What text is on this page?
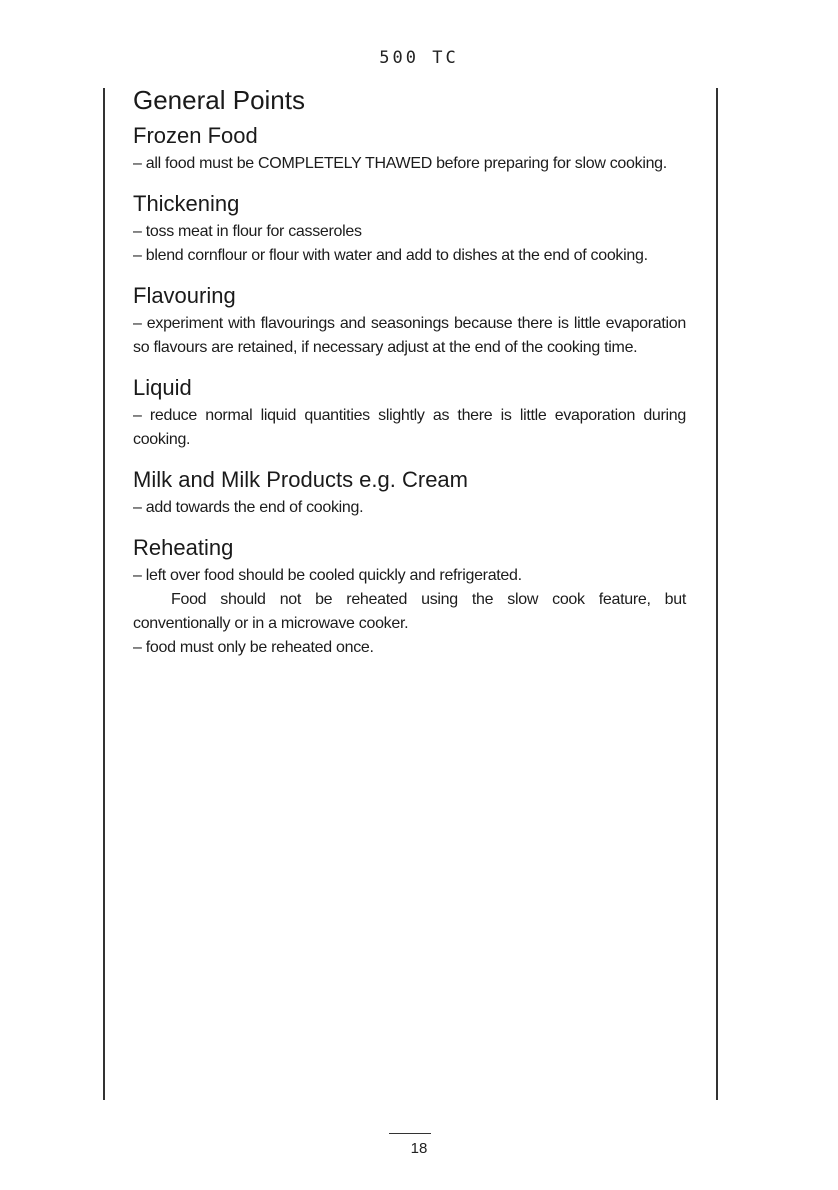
500 TC
General Points
Frozen Food

– all food must be COMPLETELY THAWED before preparing for slow cooking.

Thickening

– toss meat in flour for casseroles

– blend cornflour or flour with water and add to dishes at the end of cooking.

Flavouring

– experiment with flavourings and seasonings because there is little evaporation so flavours are retained, if necessary adjust at the end of the cooking time.

Liquid

– reduce normal liquid quantities slightly as there is little evaporation during cooking.

Milk and Milk Products e.g. Cream

– add towards the end of cooking.

Reheating

– left over food should be cooled quickly and refrigerated.

Food should not be reheated using the slow cook feature, but conventionally or in a microwave cooker.

– food must only be reheated once.

18
